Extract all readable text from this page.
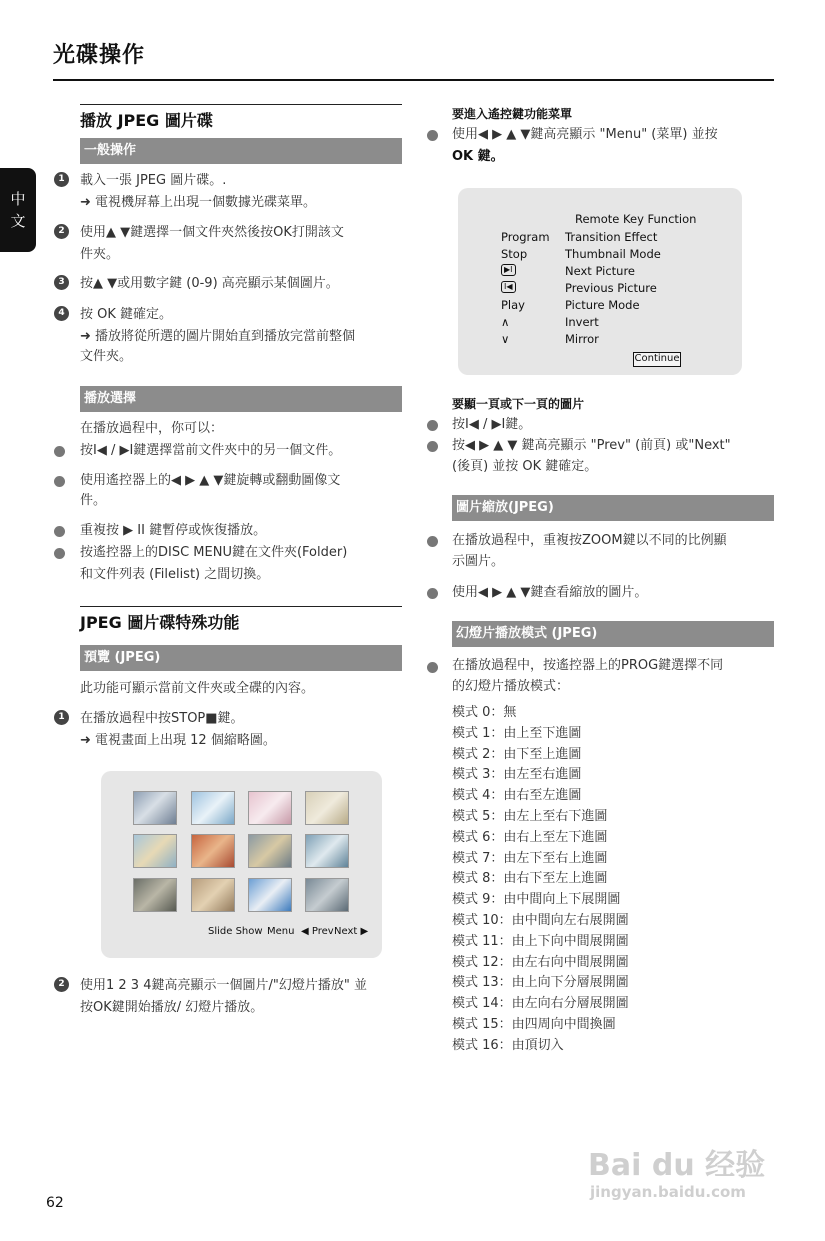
光碟操作
中
文
播放 JPEG 圖片碟
一般操作
1	載入一張 JPEG 圖片碟。.
➜ 電視機屏幕上出現一個數據光碟菜單。
2	使用▲ ▼鍵選擇一個文件夾然後按OK打開該文
件夾。
3	按▲ ▼或用數字鍵 (0-9) 高亮顯示某個圖片。
4	按 OK 鍵確定。
➜ 播放將從所選的圖片開始直到播放完當前整個
文件夾。
播放選擇
在播放過程中，你可以：
按I◀ / ▶I鍵選擇當前文件夾中的另一個文件。
使用遙控器上的◀ ▶ ▲ ▼鍵旋轉或翻動圖像文
件。
重複按 ▶ II 鍵暫停或恢復播放。
按遙控器上的DISC MENU鍵在文件夾(Folder)
和文件列表 (Filelist) 之間切換。
JPEG 圖片碟特殊功能
預覽 (JPEG)
此功能可顯示當前文件夾或全碟的內容。
1	在播放過程中按STOP■鍵。
➜ 電視畫面上出現 12 個縮略圖。
Slide Show Menu ◀ Prev Next ▶
2	使用1 2 3 4鍵高亮顯示一個圖片/"幻燈片播放" 並
按OK鍵開始播放/ 幻燈片播放。
要進入遙控鍵功能菜單
使用◀ ▶ ▲ ▼鍵高亮顯示 "Menu" (菜單) 並按
OK 鍵。
Remote Key Function
Program Transition Effect
Stop	Thumbnail Mode
▶I	Next Picture
I◀	Previous Picture
Play	Picture Mode
∧	Invert
∨	Mirror
Continue
要顯一頁或下一頁的圖片
按I◀ / ▶I鍵。
按◀ ▶ ▲ ▼ 鍵高亮顯示 "Prev" (前頁) 或"Next"
(後頁) 並按 OK 鍵確定。
圖片縮放(JPEG)
在播放過程中，重複按ZOOM鍵以不同的比例顯
示圖片。
使用◀ ▶ ▲ ▼鍵查看縮放的圖片。
幻燈片播放模式 (JPEG)
在播放過程中，按遙控器上的PROG鍵選擇不同
的幻燈片播放模式：
模式 0：無
模式 1：由上至下進圖
模式 2：由下至上進圖
模式 3：由左至右進圖
模式 4：由右至左進圖
模式 5：由左上至右下進圖
模式 6：由右上至左下進圖
模式 7：由左下至右上進圖
模式 8：由右下至左上進圖
模式 9：由中間向上下展開圖
模式 10：由中間向左右展開圖
模式 11：由上下向中間展開圖
模式 12：由左右向中間展開圖
模式 13：由上向下分層展開圖
模式 14：由左向右分層展開圖
模式 15：由四周向中間換圖
模式 16：由頂切入
Bai du 经验
jingyan.baidu.com
62
